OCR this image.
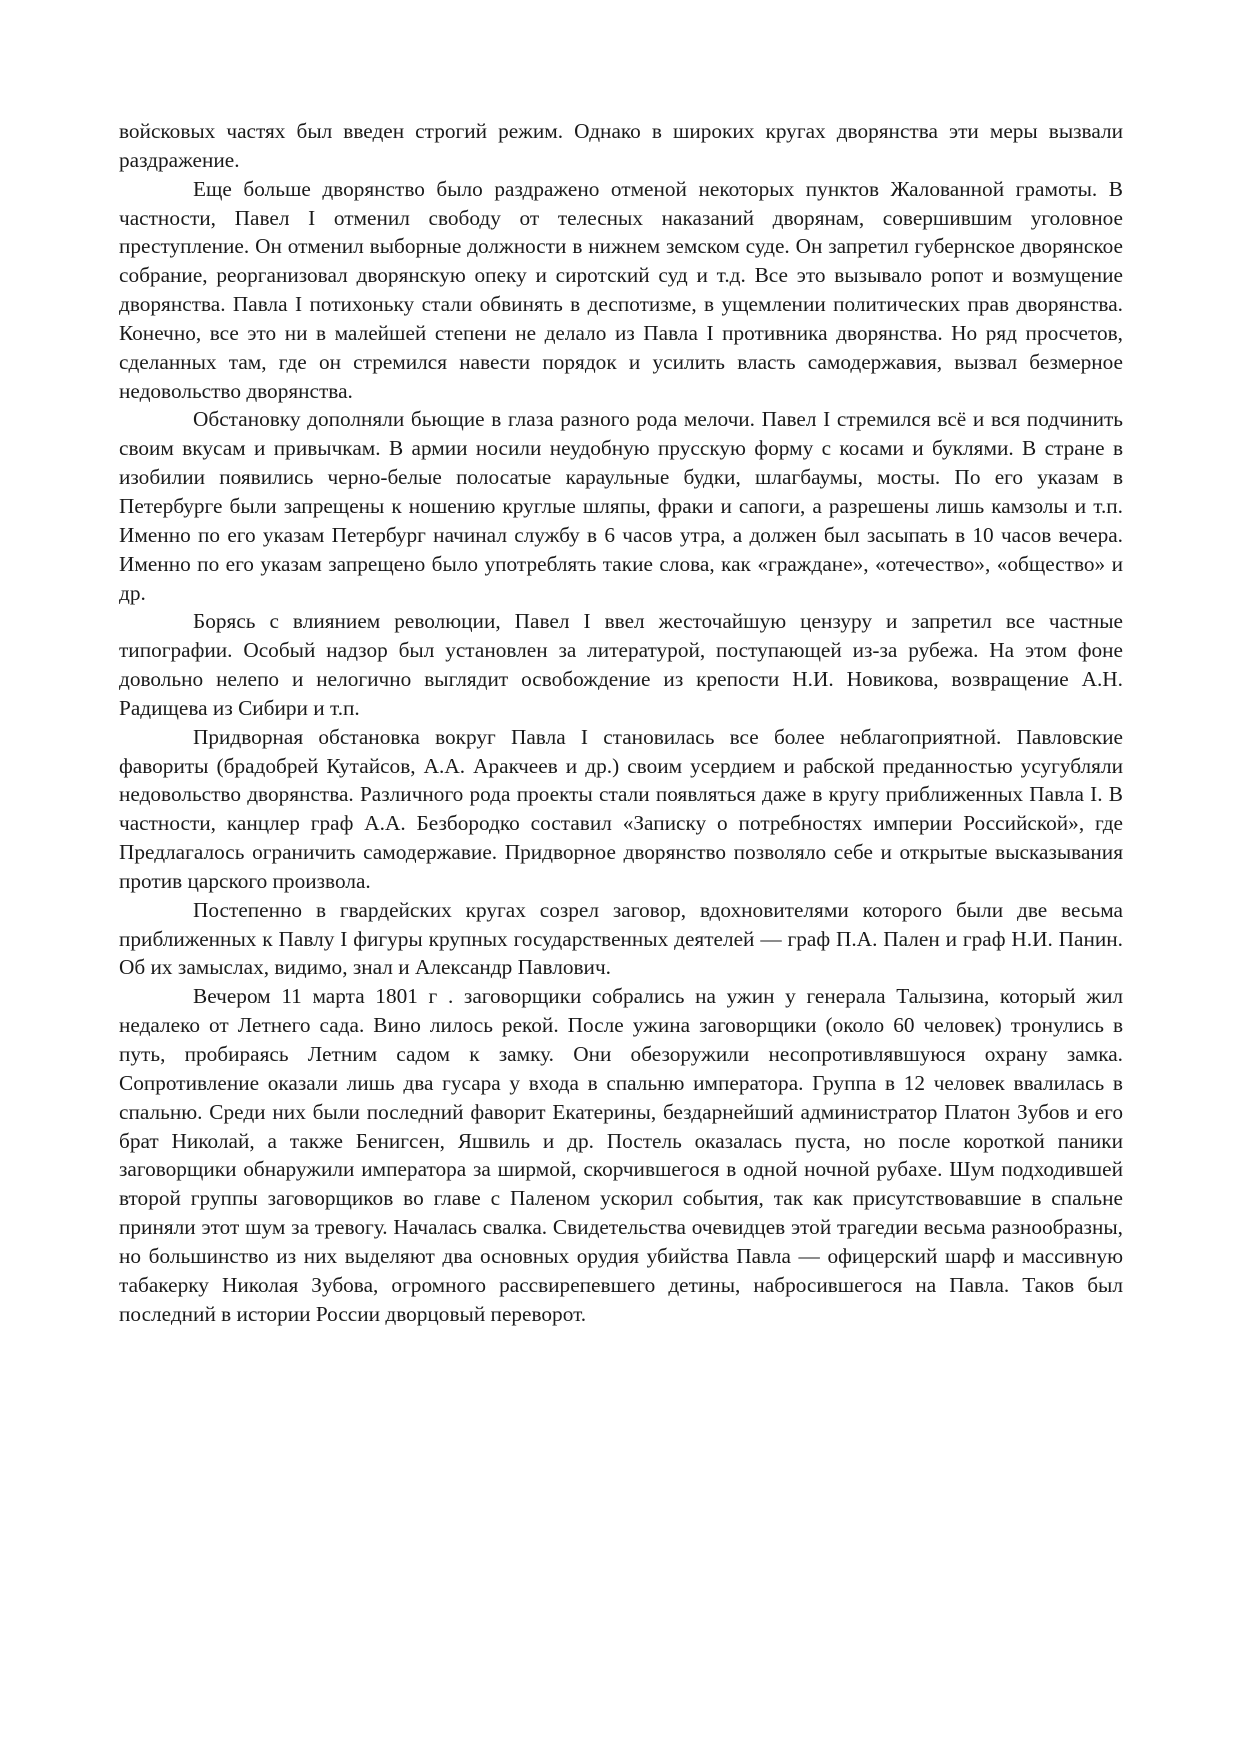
войсковых частях был введен строгий режим. Однако в широких кругах дворянства эти меры вызвали раздражение.

Еще больше дворянство было раздражено отменой некоторых пунктов Жалованной грамоты. В частности, Павел I отменил свободу от телесных наказаний дворянам, совершившим уголовное преступление. Он отменил выборные должности в нижнем земском суде. Он запретил губернское дворянское собрание, реорганизовал дворянскую опеку и сиротский суд и т.д. Все это вызывало ропот и возмущение дворянства. Павла I потихоньку стали обвинять в деспотизме, в ущемлении политических прав дворянства. Конечно, все это ни в малейшей степени не делало из Павла I противника дворянства. Но ряд просчетов, сделанных там, где он стремился навести порядок и усилить власть самодержавия, вызвал безмерное недовольство дворянства.

Обстановку дополняли бьющие в глаза разного рода мелочи. Павел I стремился всё и вся подчинить своим вкусам и привычкам. В армии носили неудобную прусскую форму с косами и буклями. В стране в изобилии появились черно-белые полосатые караульные будки, шлагбаумы, мосты. По его указам в Петербурге были запрещены к ношению круглые шляпы, фраки и сапоги, а разрешены лишь камзолы и т.п. Именно по его указам Петербург начинал службу в 6 часов утра, а должен был засыпать в 10 часов вечера. Именно по его указам запрещено было употреблять такие слова, как «граждане», «отечество», «общество» и др.

Борясь с влиянием революции, Павел I ввел жесточайшую цензуру и запретил все частные типографии. Особый надзор был установлен за литературой, поступающей из-за рубежа. На этом фоне довольно нелепо и нелогично выглядит освобождение из крепости Н.И. Новикова, возвращение А.Н. Радищева из Сибири и т.п.

Придворная обстановка вокруг Павла I становилась все более неблагоприятной. Павловские фавориты (брадобрей Кутайсов, А.А. Аракчеев и др.) своим усердием и рабской преданностью усугубляли недовольство дворянства. Различного рода проекты стали появляться даже в кругу приближенных Павла I. В частности, канцлер граф А.А. Безбородко составил «Записку о потребностях империи Российской», где Предлагалось ограничить самодержавие. Придворное дворянство позволяло себе и открытые высказывания против царского произвола.

Постепенно в гвардейских кругах созрел заговор, вдохновителями которого были две весьма приближенных к Павлу I фигуры крупных государственных деятелей — граф П.А. Пален и граф Н.И. Панин. Об их замыслах, видимо, знал и Александр Павлович.

Вечером 11 марта 1801 г . заговорщики собрались на ужин у генерала Талызина, который жил недалеко от Летнего сада. Вино лилось рекой. После ужина заговорщики (около 60 человек) тронулись в путь, пробираясь Летним садом к замку. Они обезоружили несопротивлявшуюся охрану замка. Сопротивление оказали лишь два гусара у входа в спальню императора. Группа в 12 человек ввалилась в спальню. Среди них были последний фаворит Екатерины, бездарнейший администратор Платон Зубов и его брат Николай, а также Бенигсен, Яшвиль и др. Постель оказалась пуста, но после короткой паники заговорщики обнаружили императора за ширмой, скорчившегося в одной ночной рубахе. Шум подходившей второй группы заговорщиков во главе с Паленом ускорил события, так как присутствовавшие в спальне приняли этот шум за тревогу. Началась свалка. Свидетельства очевидцев этой трагедии весьма разнообразны, но большинство из них выделяют два основных орудия убийства Павла — офицерский шарф и массивную табакерку Николая Зубова, огромного рассвирепевшего детины, набросившегося на Павла. Таков был последний в истории России дворцовый переворот.
